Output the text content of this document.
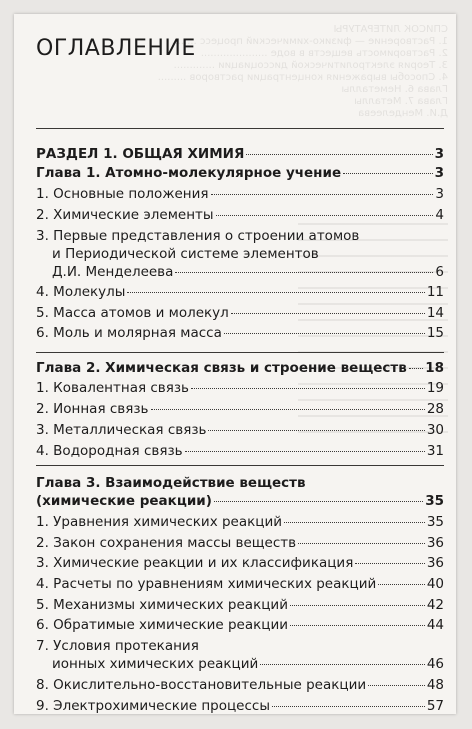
СПИСОК ЛИТЕРАТУРЫ
1. Растворение — физико-химический процесс ........
2. Растворимость веществ в воде .....................
3. Теория электролитической диссоциации .............
4. Способы выражения концентрации растворов .........
Глава 6. Неметаллы
Глава 7. Металлы
Д.И. Менделеева
ОГЛАВЛЕНИЕ
РАЗДЕЛ 1. ОБЩАЯ ХИМИЯ	3
Глава 1. Атомно-молекулярное учение	3
1. Основные положения	3
2. Химические элементы	4
3. Первые представления о строении атомов
и Периодической системе элементов
Д.И. Менделеева	6
4. Молекулы	11
5. Масса атомов и молекул	14
6. Моль и молярная масса	15
Глава 2. Химическая связь и строение веществ 18
1. Ковалентная связь	19
2. Ионная связь	28
3. Металлическая связь	30
4. Водородная связь	31
Глава 3. Взаимодействие веществ
(химические реакции)	35
1. Уравнения химических реакций	35
2. Закон сохранения массы веществ	36
3. Химические реакции и их классификация	36
4. Расчеты по уравнениям химических реакций	40
5. Механизмы химических реакций	42
6. Обратимые химические реакции	44
7. Условия протекания
ионных химических реакций	46
8. Окислительно-восстановительные реакции	48
9. Электрохимические процессы	57
